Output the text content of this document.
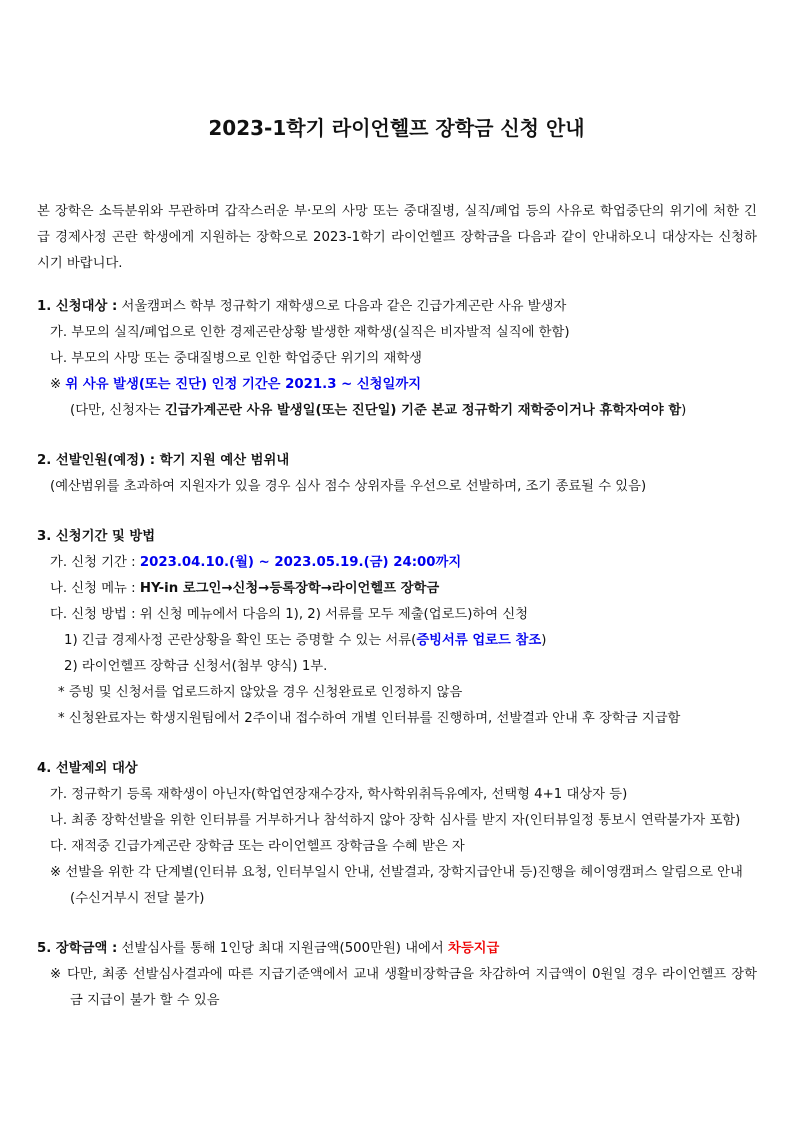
2023-1학기 라이언헬프 장학금 신청 안내
본 장학은 소득분위와 무관하며 갑작스러운 부·모의 사망 또는 중대질병, 실직/폐업 등의 사유로 학업중단의 위기에 처한 긴
급 경제사정 곤란 학생에게 지원하는 장학으로 2023-1학기 라이언헬프 장학금을 다음과 같이 안내하오니 대상자는 신청하
시기 바랍니다.
1. 신청대상 : 서울캠퍼스 학부 정규학기 재학생으로 다음과 같은 긴급가계곤란 사유 발생자
가. 부모의 실직/폐업으로 인한 경제곤란상황 발생한 재학생(실직은 비자발적 실직에 한함)
나. 부모의 사망 또는 중대질병으로 인한 학업중단 위기의 재학생
※ 위 사유 발생(또는 진단) 인정 기간은 2021.3 ~ 신청일까지
(다만, 신청자는 긴급가계곤란 사유 발생일(또는 진단일) 기준 본교 정규학기 재학중이거나 휴학자여야 함)
2. 선발인원(예정) : 학기 지원 예산 범위내
(예산범위를 초과하여 지원자가 있을 경우 심사 점수 상위자를 우선으로 선발하며, 조기 종료될 수 있음)
3. 신청기간 및 방법
가. 신청 기간 : 2023.04.10.(월) ~ 2023.05.19.(금) 24:00까지
나. 신청 메뉴 : HY-in 로그인→신청→등록장학→라이언헬프 장학금
다. 신청 방법 : 위 신청 메뉴에서 다음의 1), 2) 서류를 모두 제출(업로드)하여 신청
1) 긴급 경제사정 곤란상황을 확인 또는 증명할 수 있는 서류(증빙서류 업로드 참조)
2) 라이언헬프 장학금 신청서(첨부 양식) 1부.
* 증빙 및 신청서를 업로드하지 않았을 경우 신청완료로 인정하지 않음
* 신청완료자는 학생지원팀에서 2주이내 접수하여 개별 인터뷰를 진행하며, 선발결과 안내 후 장학금 지급함
4. 선발제외 대상
가. 정규학기 등록 재학생이 아닌자(학업연장재수강자, 학사학위취득유예자, 선택형 4+1 대상자 등)
나. 최종 장학선발을 위한 인터뷰를 거부하거나 참석하지 않아 장학 심사를 받지 자(인터뷰일정 통보시 연락불가자 포함)
다. 재적중 긴급가계곤란 장학금 또는 라이언헬프 장학금을 수혜 받은 자
※ 선발을 위한 각 단계별(인터뷰 요청, 인터부일시 안내, 선발결과, 장학지급안내 등)진행을 헤이영캠퍼스 알림으로 안내
(수신거부시 전달 불가)
5. 장학금액 : 선발심사를 통해 1인당 최대 지원금액(500만원) 내에서 차등지급
※ 다만, 최종 선발심사결과에 따른 지급기준액에서 교내 생활비장학금을 차감하여 지급액이 0원일 경우 라이언헬프 장학
금 지급이 불가 할 수 있음
